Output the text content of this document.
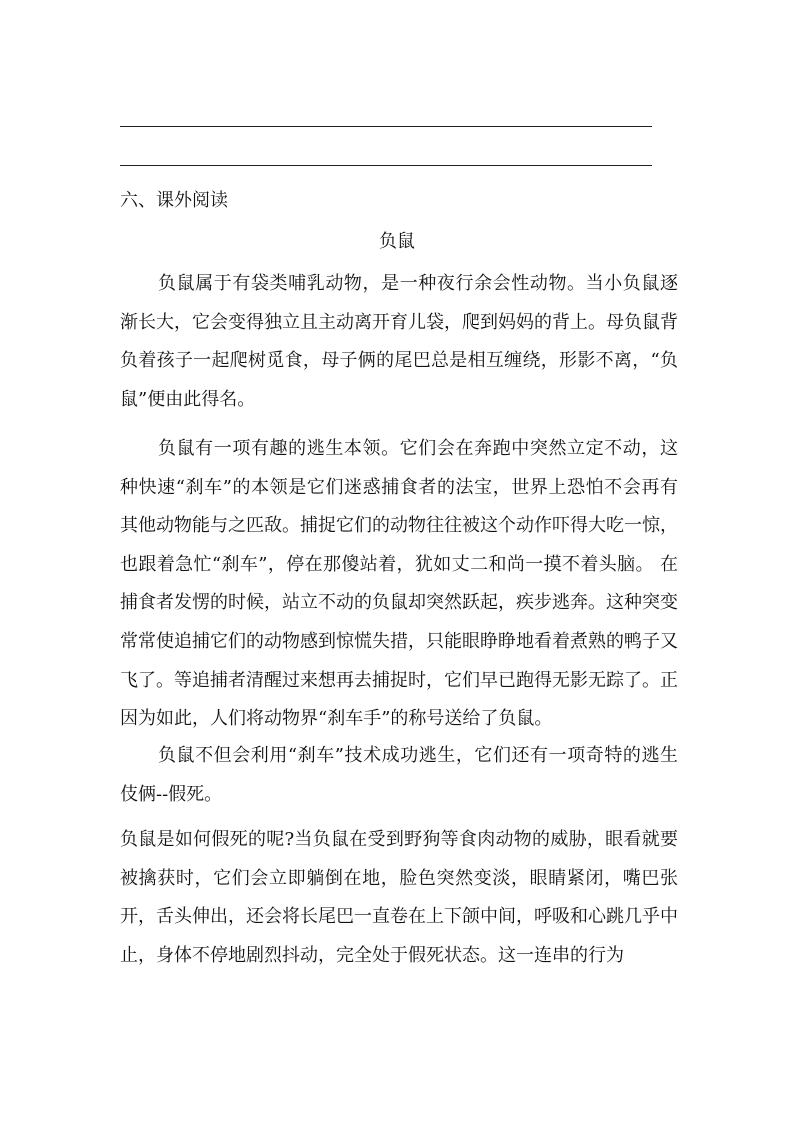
六、课外阅读
负鼠

负鼠属于有袋类哺乳动物，是一种夜行余会性动物。当小负鼠逐渐长大，它会变得独立且主动离开育儿袋，爬到妈妈的背上。母负鼠背负着孩子一起爬树觅食，母子俩的尾巴总是相互缠绕，形影不离，“负鼠”便由此得名。

负鼠有一项有趣的逃生本领。它们会在奔跑中突然立定不动，这种快速“刹车”的本领是它们迷惑捕食者的法宝，世界上恐怕不会再有其他动物能与之匹敌。捕捉它们的动物往往被这个动作吓得大吃一惊，也跟着急忙“刹车”，停在那傻站着，犹如丈二和尚一摸不着头脑。 在捕食者发愣的时候，站立不动的负鼠却突然跃起，疾步逃奔。这种突变常常使追捕它们的动物感到惊慌失措，只能眼睁睁地看着煮熟的鸭子又飞了。等追捕者清醒过来想再去捕捉时，它们早已跑得无影无踪了。正因为如此，人们将动物界“刹车手”的称号送给了负鼠。

负鼠不但会利用“刹车”技术成功逃生，它们还有一项奇特的逃生伎俩--假死。

负鼠是如何假死的呢?当负鼠在受到野狗等食肉动物的威胁，眼看就要被擒获时，它们会立即躺倒在地，脸色突然变淡，眼睛紧闭，嘴巴张开，舌头伸出，还会将长尾巴一直卷在上下颌中间，呼吸和心跳几乎中止，身体不停地剧烈抖动，完全处于假死状态。这一连串的行为
